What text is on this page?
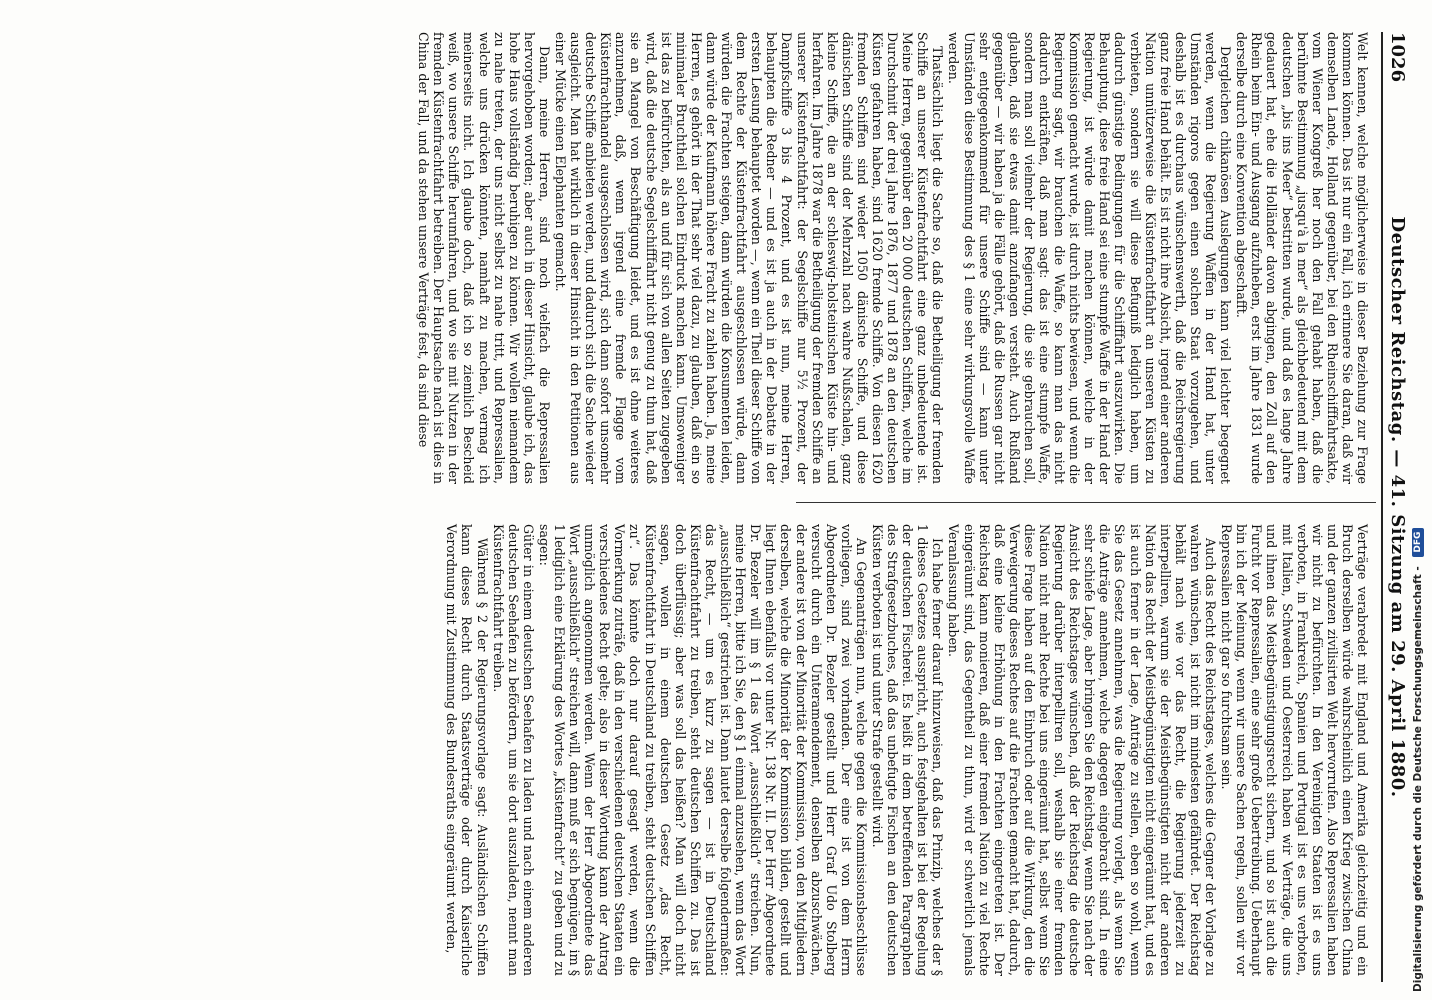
1026
Deutscher Reichstag. — 41. Sitzung am 29. April 1880.

Welt kennen, welche möglicherweise in dieser Beziehung zur Frage kommen können. Das ist nur ein Fall, ich erinnere Sie daran, daß wir demselben Lande, Holland gegenüber, bei den Rheinschifffahrtsakte, vom Wiener Kongreß her noch den Fall gehabt haben, daß die berühmte Bestimmung „jusqu'à la mer“ als gleichbedeutend mit dem deutschen „bis ins Meer“ bestritten wurde, und daß es lange Jahre gedauert hat, ehe die Holländer davon abgingen, den Zoll auf den Rhein beim Ein- und Ausgang aufzuheben, erst im Jahre 1831 wurde derselbe durch eine Konvention abgeschafft.

Dergleichen chikanösen Auslegungen kann viel leichter begegnet werden, wenn die Regierung Waffen in der Hand hat, unter Umständen rigoros gegen einen solchen Staat vorzugehen, und deshalb ist es durchaus wünschenswerth, daß die Reichsregierung ganz freie Hand behält. Es ist nicht ihre Absicht, irgend einer anderen Nation unnützerweise die Küstenfrachtfahrt an unseren Küsten zu verbieten, sondern sie will diese Befugniß lediglich haben, um dadurch günstige Bedingungen für die Schifffahrt auszuwirken. Die Behauptung, diese freie Hand sei eine stumpfe Waffe in der Hand der Regierung, ist würde damit machen können, welche in der Kommission gemacht wurde, ist durch nichts bewiesen, und wenn die Regierung sagt, wir brauchen die Waffe, so kann man das nicht dadurch entkräften, daß man sagt: das ist eine stumpfe Waffe, sondern man soll vielmehr der Regierung, die sie gebrauchen soll, glauben, daß sie etwas damit anzufangen versteht. Auch Rußland gegenüber — wir haben ja die Fälle gehört, daß die Russen gar nicht sehr entgegenkommend für unsere Schiffe sind — kann unter Umständen diese Bestimmung des § 1 eine sehr wirkungsvolle Waffe werden.

Thatsächlich liegt die Sache so, daß die Betheiligung der fremden Schiffe an unserer Küstenfrachtfahrt eine ganz unbedeutende ist. Meine Herren, gegenüber den 20 000 deutschen Schiffen, welche im Durchschnitt der drei Jahre 1876, 1877 und 1878 an den deutschen Küsten gefahren haben, sind 1620 fremde Schiffe. Von diesen 1620 fremden Schiffen sind wieder 1050 dänische Schiffe, und diese dänischen Schiffe sind der Mehrzahl nach wahre Nußschalen, ganz kleine Schiffe, die an der schleswig-holsteinischen Küste hin- und herfahren. Im Jahre 1878 war die Betheiligung der fremden Schiffe an unserer Küstenfrachtfahrt: der Segelschiffe nur 5½ Prozent, der Dampfschiffe 3 bis 4 Prozent, und es ist nun, meine Herren, behaupten die Redner — und es ist ja auch in der Debatte in der ersten Lesung behauptet worden —, wenn ein Theil dieser Schiffe von dem Rechte der Küstenfrachtfahrt ausgeschlossen würde, dann würden die Frachten steigen, dann würden die Konsumenten leiden, dann würde der Kaufmann höhere Fracht zu zahlen haben. Ja, meine Herren, es gehört in der That sehr viel dazu, zu glauben, daß ein so minimaler Bruchtheil solchen Eindruck machen kann. Umsoweniger ist das zu befürchten, als an und für sich von allen Seiten zugegeben wird, daß die deutsche Segelschifffahrt nicht genug zu thun hat, daß sie an Mangel von Beschäftigung leidet, und es ist ohne weiteres anzunehmen, daß, wenn irgend eine fremde Flagge vom Küstenfrachthandel ausgeschlossen wird, sich dann sofort unsomehr deutsche Schiffe anbieten werden, und dadurch sich die Sache wieder ausgleicht. Man hat wirklich in dieser Hinsicht in den Petitionen aus einer Mücke einen Elephanten gemacht.

Dann, meine Herren, sind noch vielfach die Repressalien hervorgehoben worden; aber auch in dieser Hinsicht, glaube ich, das hohe Haus vollständig beruhigen zu können. Wir wollen niemandem zu nahe treten, der uns nicht selbst zu nahe tritt, und Repressalien, welche uns drücken könnten, namhaft zu machen, vermag ich meinerseits nicht. Ich glaube doch, daß ich so ziemlich Bescheid weiß, wo unsere Schiffe herumfahren, und wo sie mit Nutzen in der fremden Küstenfrachtfahrt betreiben. Der Hauptsache nach ist dies in China der Fall, und da stehen unsere Verträge fest, da sind diese

Verträge verabredet mit England und Amerika gleichzeitig und ein Bruch derselben würde wahrscheinlich einen Krieg zwischen China und der ganzen zivilisirten Welt hervorrufen. Also Repressalien haben wir nicht zu befürchten. In den Vereinigten Staaten ist es uns verboten, in Frankreich, Spanien und Portugal ist es uns verboten, mit Italien, Schweden und Oesterreich haben wir Verträge, die uns und ihnen das Meistbegünstigungsrecht sichern, und so ist auch die Furcht vor Repressalien, eine sehr große Uebertreibung. Ueberhaupt bin ich der Meinung, wenn wir unsere Sachen regeln, sollen wir vor Repressalien nicht gar so furchtsam sein.

Auch das Recht des Reichstages, welches die Gegner der Vorlage zu wahren wünschen, ist nicht im mindesten gefährdet. Der Reichstag behält nach wie vor das Recht, die Regierung jederzeit zu interpelliren, warum sie der Meistbegünstigten nicht der anderen Nation das Recht der Meistbegünstigten nicht eingeräumt hat, und es ist auch ferner in der Lage, Anträge zu stellen, eben so wohl, wenn Sie das Gesetz annehmen, was die Regierung vorlegt, als wenn Sie die Anträge annehmen, welche dagegen eingebracht sind. In eine sehr schiefe Lage, aber bringen Sie den Reichstag, wenn Sie nach der Ansicht des Reichstages wünschen, daß der Reichstag die deutsche Regierung darüber interpelliren soll, weshalb sie einer fremden Nation nicht mehr Rechte bei uns eingeräumt hat, selbst wenn Sie diese Frage haben auf den Einbruch oder auf die Wirkung, den die Verweigerung dieses Rechtes auf die Frachten gemacht hat, dadurch, daß eine kleine Erhöhung in den Frachten eingetreten ist. Der Reichstag kann monieren, daß einer fremden Nation zu viel Rechte eingeräumt sind, das Gegentheil zu thun, wird er schwerlich jemals Veranlassung haben.

Ich habe ferner darauf hinzuweisen, daß das Prinzip, welches der § 1 dieses Gesetzes ausspricht, auch festgehalten ist bei der Regelung der deutschen Fischerei. Es heißt in dem betreffenden Paragraphen des Strafgesetzbuches, daß das unbefugte Fischen an den deutschen Küsten verboten ist und unter Strafe gestellt wird.

An Gegenanträgen nun, welche gegen die Kommissionsbeschlüsse vorliegen, sind zwei vorhanden. Der eine ist von dem Herrn Abgeordneten Dr. Bezeler gestellt und Herr Graf Udo Stolberg versucht durch ein Unteramendement, denselben abzuschwächen, der andere ist von der Minorität der Kommission, von den Mitgliedern derselben, welche die Minorität der Kommission bilden, gestellt und liegt Ihnen ebenfalls vor unter Nr. 138 Nr. II. Der Herr Abgeordnete Dr. Bezeler will im § 1 das Wort „ausschließlich“ streichen. Nun, meine Herren, bitte ich Sie, den § 1 einmal anzusehen, wenn das Wort „ausschließlich“ gestrichen ist. Dann lautet derselbe folgendermaßen: das Recht, — um es kurz zu sagen — ist in Deutschland Küstenfrachtfahrt zu treiben, steht deutschen Schiffen zu. Das ist doch überflüssig; aber was soll das heißen? Man will doch nicht sagen, wollen in einem deutschen Gesetz „das Recht, Küstenfrachtfahrt in Deutschland zu treiben, steht deutschen Schiffen zu“. Das könnte doch nur darauf gesagt werden, wenn die Vormerkung zuträfe, daß in den verschiedenen deutschen Staaten ein verschiedenes Recht gelte; also in dieser Wortung kann der Antrag unmöglich angenommen werden. Wenn der Herr Abgeordnete das Wort „ausschließlich“ streichen will, dann muß er sich begnügen, im § 1 lediglich eine Erklärung des Wortes „Küstenfracht“ zu geben und zu sagen:

Güter in einem deutschen Seehafen zu laden und nach einem anderen deutschen Seehafen zu befördern, um sie dort auszuladen, nennt man Küstenfrachtfahrt treiben.

Während § 2 der Regierungsvorlage sagt: Ausländischen Schiffen kann dieses Recht durch Staatsverträge oder durch Kaiserliche Verordnung mit Zustimmung des Bundesraths eingeräumt werden,	Digitalisierung gefördert durch die Deutsche Forschungsgemeinschaft - DFG
